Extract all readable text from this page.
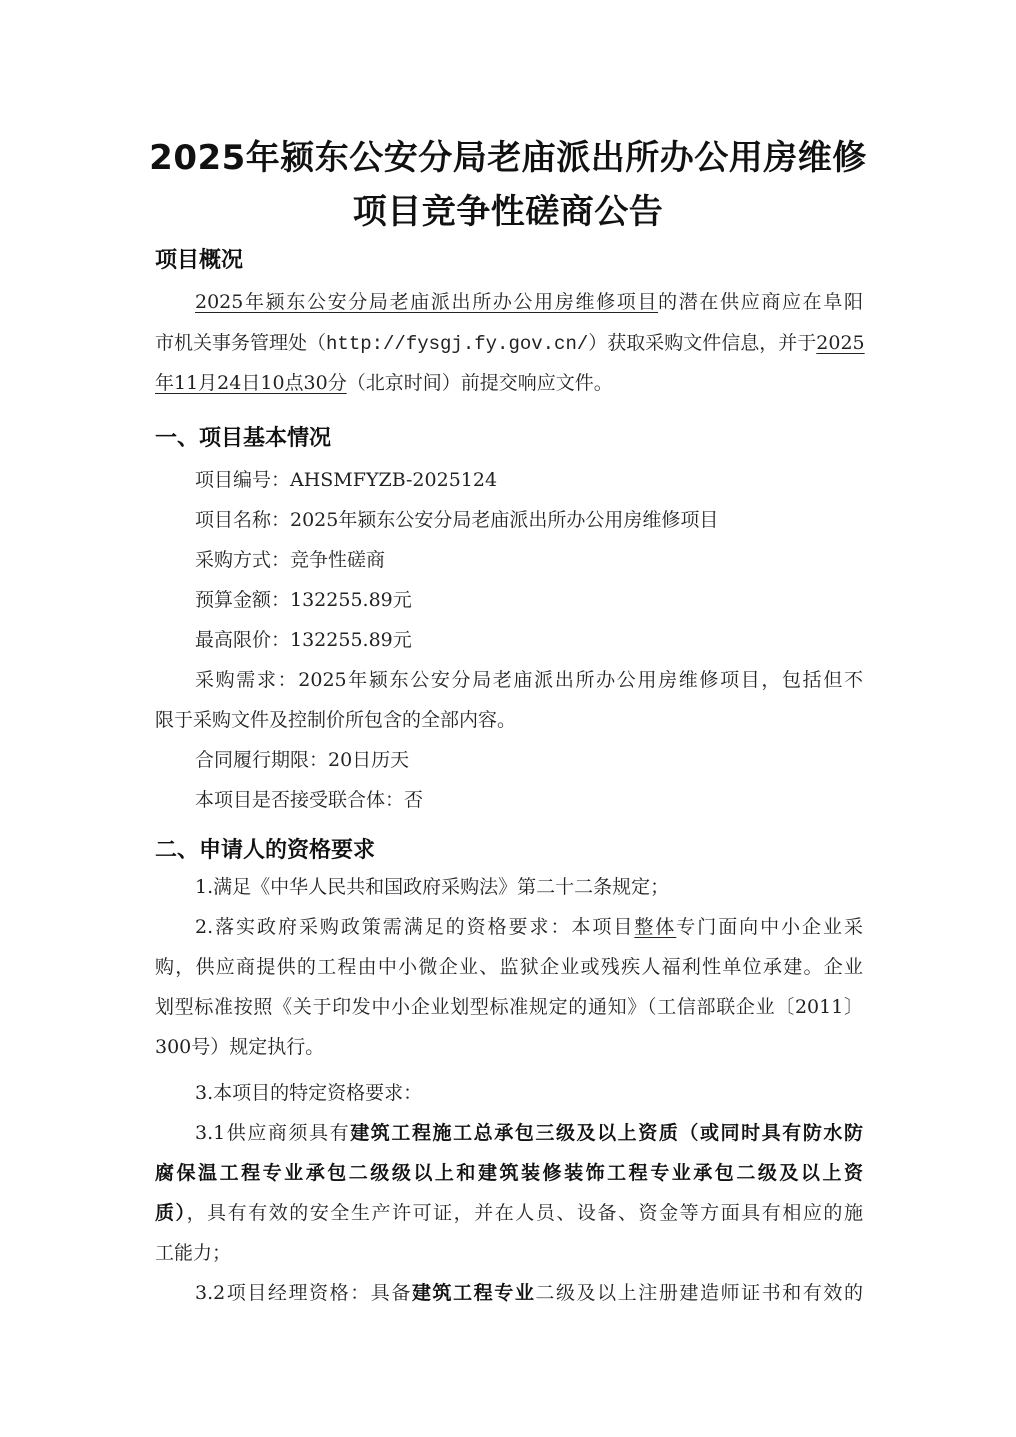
2025年颍东公安分局老庙派出所办公用房维修
项目竞争性磋商公告
项目概况
2025年颍东公安分局老庙派出所办公用房维修项目的潜在供应商应在阜阳
市机关事务管理处（http://fysgj.fy.gov.cn/）获取采购文件信息，并于2025
年11月24日10点30分（北京时间）前提交响应文件。
一、项目基本情况
项目编号：AHSMFYZB-2025124
项目名称：2025年颍东公安分局老庙派出所办公用房维修项目
采购方式：竞争性磋商
预算金额：132255.89元
最高限价：132255.89元
采购需求：2025年颍东公安分局老庙派出所办公用房维修项目，包括但不
限于采购文件及控制价所包含的全部内容。
合同履行期限：20日历天
本项目是否接受联合体：否
二、申请人的资格要求
1.满足《中华人民共和国政府采购法》第二十二条规定；
2.落实政府采购政策需满足的资格要求：本项目整体专门面向中小企业采
购，供应商提供的工程由中小微企业、监狱企业或残疾人福利性单位承建。企业
划型标准按照《关于印发中小企业划型标准规定的通知》（工信部联企业〔2011〕
300号）规定执行。
3.本项目的特定资格要求：
3.1供应商须具有建筑工程施工总承包三级及以上资质（或同时具有防水防
腐保温工程专业承包二级级以上和建筑装修装饰工程专业承包二级及以上资
质），具有有效的安全生产许可证，并在人员、设备、资金等方面具有相应的施
工能力；
3.2项目经理资格：具备建筑工程专业二级及以上注册建造师证书和有效的
